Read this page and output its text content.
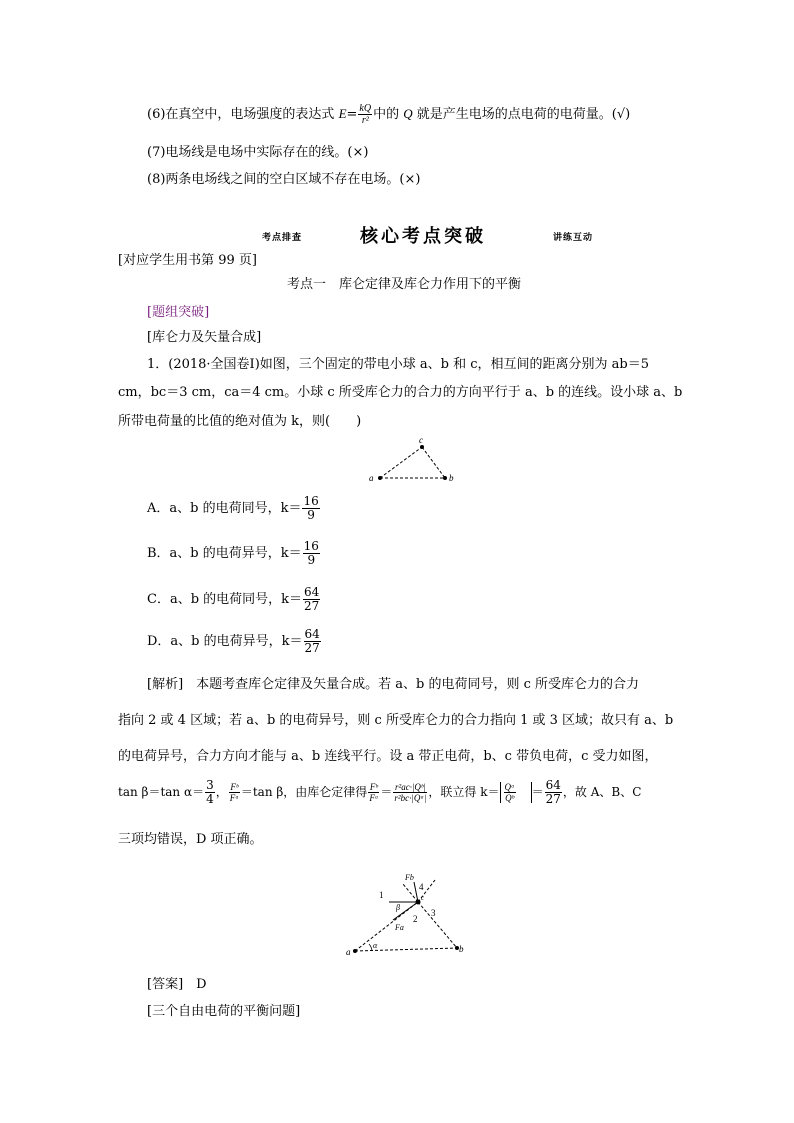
(6)在真空中，电场强度的表达式 $E= \frac{kQ}{\text{r²}}$ 中的 Q 就是产生电场的点电荷的电荷量。(√)
(7)电场线是电场中实际存在的线。(×)
(8)两条电场线之间的空白区域不存在电场。(×)
考点排查	核心考点突破	讲练互动
[对应学生用书第 99 页]
考点一　库仑定律及库仑力作用下的平衡
[题组突破]
[库仑力及矢量合成]
1．(2018·全国卷Ⅰ)如图，三个固定的带电小球 a、b 和 c，相互间的距离分别为 ab＝5
cm，bc＝3 cm，ca＝4 cm。小球 c 所受库仑力的合力的方向平行于 a、b 的连线。设小球 a、b
所带电荷量的比值的绝对值为 k，则(　　)
a
c
b
A．a、b 的电荷同号，$k= \frac{16}{9}$
B．a、b 的电荷异号，$k= \frac{16}{9}$
C．a、b 的电荷同号，$k= \frac{64}{27}$
D．a、b 的电荷异号，$k= \frac{64}{27}$
[解析]　本题考查库仑定律及矢量合成。若 a、b 的电荷同号，则 c 所受库仑力的合力
指向 2 或 4 区域；若 a、b 的电荷异号，则 c 所受库仑力的合力指向 1 或 3 区域；故只有 a、b
的电荷异号，合力方向才能与 a、b 连线平行。设 a 带正电荷，b、c 带负电荷，c 受力如图，
tan β＝tan $\alpha= \frac{3}{4}$ ， $\frac{\text{Fᵇ}}{\text{Fᵃ}} =\tan$ β，由库仑定律得 $\frac{\text{Fᵇ}}{\text{Fᵃ}} = \frac{\text{r²ac·|Qᵇ|}}{\text{r²bc·|Qᵃ|}}$ ，联立得 $k= \frac{\text{Qᵃ}}{\text{Qᵇ}} = \frac{64}{27}$ ，故 A、B、C
三项均错误，D 项正确。
a	b
c
Fb
Fa
1
2
3
4
β
α
[答案]　 D
[三个自由电荷的平衡问题]
